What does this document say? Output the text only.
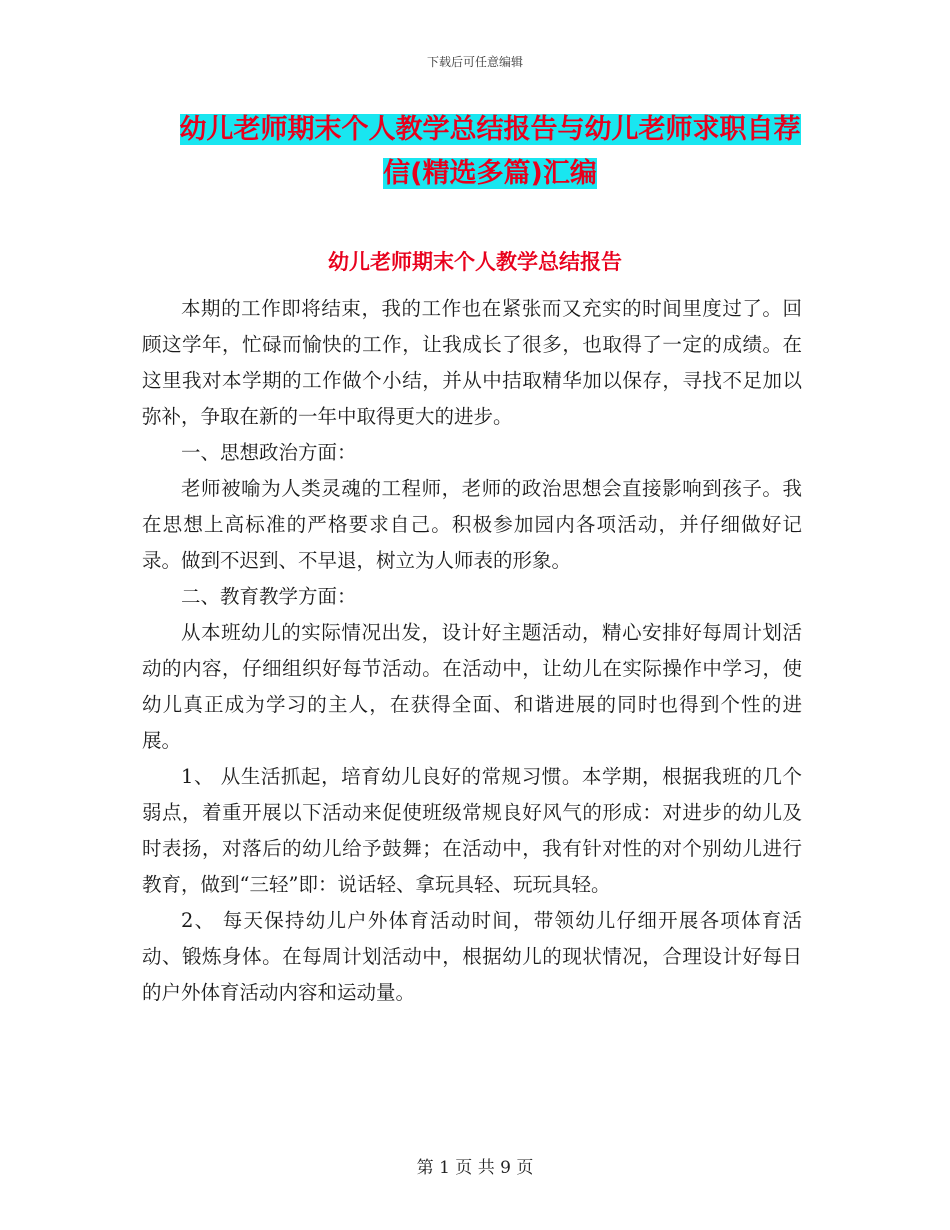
下载后可任意编辑
幼儿老师期末个人教学总结报告与幼儿老师求职自荐
信(精选多篇)汇编
幼儿老师期末个人教学总结报告

本期的工作即将结束，我的工作也在紧张而又充实的时间里度过了。回顾这学年，忙碌而愉快的工作，让我成长了很多，也取得了一定的成绩。在这里我对本学期的工作做个小结，并从中拮取精华加以保存，寻找不足加以弥补，争取在新的一年中取得更大的进步。

一、思想政治方面：

老师被喻为人类灵魂的工程师，老师的政治思想会直接影响到孩子。我在思想上高标准的严格要求自己。积极参加园内各项活动，并仔细做好记录。做到不迟到、不早退，树立为人师表的形象。

二、教育教学方面：

从本班幼儿的实际情况出发，设计好主题活动，精心安排好每周计划活动的内容，仔细组织好每节活动。在活动中，让幼儿在实际操作中学习，使幼儿真正成为学习的主人，在获得全面、和谐进展的同时也得到个性的进展。

1、 从生活抓起，培育幼儿良好的常规习惯。本学期，根据我班的几个弱点，着重开展以下活动来促使班级常规良好风气的形成：对进步的幼儿及时表扬，对落后的幼儿给予鼓舞；在活动中，我有针对性的对个别幼儿进行教育，做到“三轻”即：说话轻、拿玩具轻、玩玩具轻。

2、 每天保持幼儿户外体育活动时间，带领幼儿仔细开展各项体育活动、锻炼身体。在每周计划活动中，根据幼儿的现状情况，合理设计好每日的户外体育活动内容和运动量。

第 1 页 共 9 页
